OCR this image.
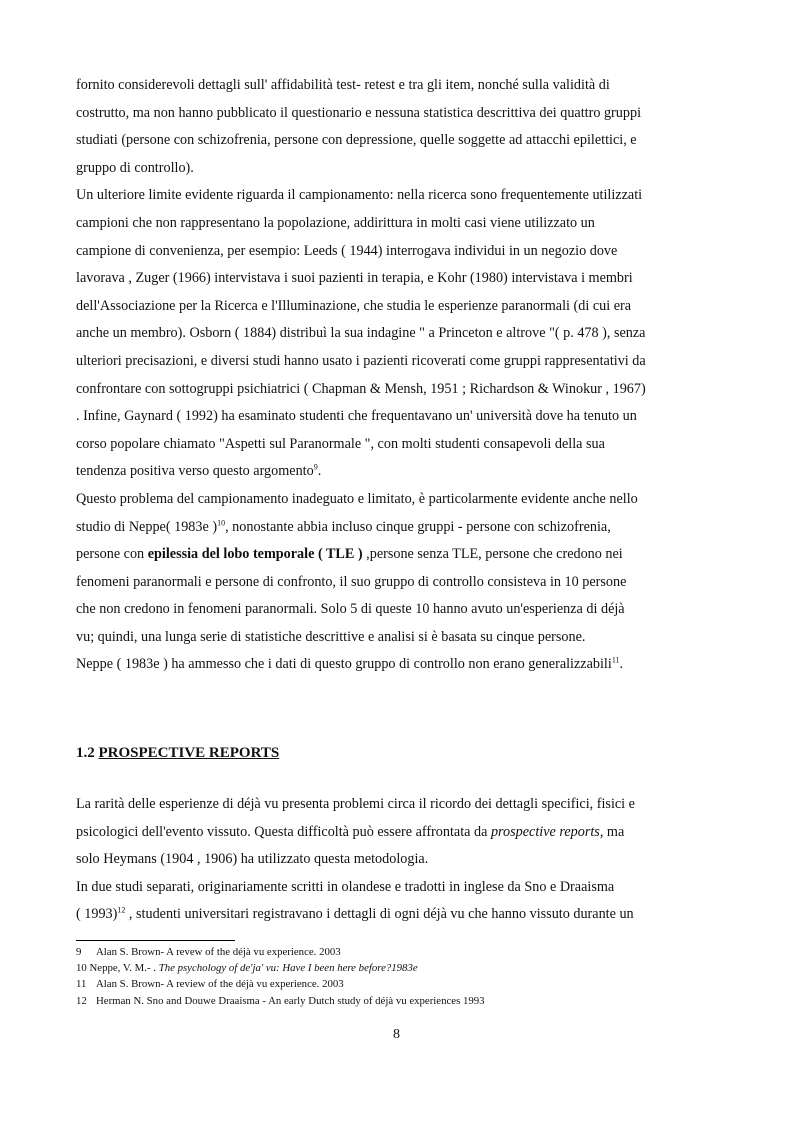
fornito considerevoli dettagli sull' affidabilità test- retest e tra gli item, nonché sulla validità di

costrutto, ma non hanno pubblicato il questionario e nessuna statistica descrittiva dei quattro gruppi

studiati (persone con schizofrenia, persone con depressione, quelle soggette ad attacchi epilettici, e

gruppo di controllo).

Un ulteriore limite evidente riguarda il campionamento: nella ricerca sono frequentemente utilizzati

campioni che non rappresentano la popolazione, addirittura in molti casi viene utilizzato un

campione di convenienza, per esempio: Leeds ( 1944) interrogava individui in un negozio dove

lavorava , Zuger (1966) intervistava i suoi pazienti in terapia, e Kohr (1980) intervistava i membri

dell'Associazione per la Ricerca e l'Illuminazione, che studia le esperienze paranormali (di cui era

anche un membro). Osborn ( 1884) distribuì la sua indagine " a Princeton e altrove "( p. 478 ), senza

ulteriori precisazioni, e diversi studi hanno usato i pazienti ricoverati come gruppi rappresentativi da

confrontare con sottogruppi psichiatrici ( Chapman & Mensh, 1951 ; Richardson & Winokur , 1967)

. Infine, Gaynard ( 1992) ha esaminato studenti che frequentavano un' università dove ha tenuto un

corso popolare chiamato "Aspetti sul Paranormale ", con molti studenti consapevoli della sua

tendenza positiva verso questo argomento$^9$.

Questo problema del campionamento inadeguato e limitato, è particolarmente evidente anche nello

studio di Neppe( 1983e )$^{10}$, nonostante abbia incluso cinque gruppi - persone con schizofrenia,

persone con epilessia del lobo temporale ( TLE ) ,persone senza TLE, persone che credono nei

fenomeni paranormali e persone di confronto, il suo gruppo di controllo consisteva in 10 persone

che non credono in fenomeni paranormali. Solo 5 di queste 10 hanno avuto un'esperienza di déjà

vu; quindi, una lunga serie di statistiche descrittive e analisi si è basata su cinque persone.

Neppe ( 1983e ) ha ammesso che i dati di questo gruppo di controllo non erano generalizzabili$^{11}$.

1.2 PROSPECTIVE REPORTS

La rarità delle esperienze di déjà vu presenta problemi circa il ricordo dei dettagli specifici, fisici e

psicologici dell'evento vissuto. Questa difficoltà può essere affrontata da prospective reports, ma

solo Heymans (1904 , 1906) ha utilizzato questa metodologia.

In due studi separati, originariamente scritti in olandese e tradotti in inglese da Sno e Draaisma

( 1993)$^{12}$ , studenti universitari registravano i dettagli di ogni déjà vu che hanno vissuto durante un

9 Alan S. Brown- A revew of the déjà vu experience. 2003
10 Neppe, V. M.- . The psychology of de'ja' vu: Have I been here before?1983e
11 Alan S. Brown- A review of the déjà vu experience. 2003
12 Herman N. Sno and Douwe Draaisma - An early Dutch study of déjà vu experiences 1993
8
